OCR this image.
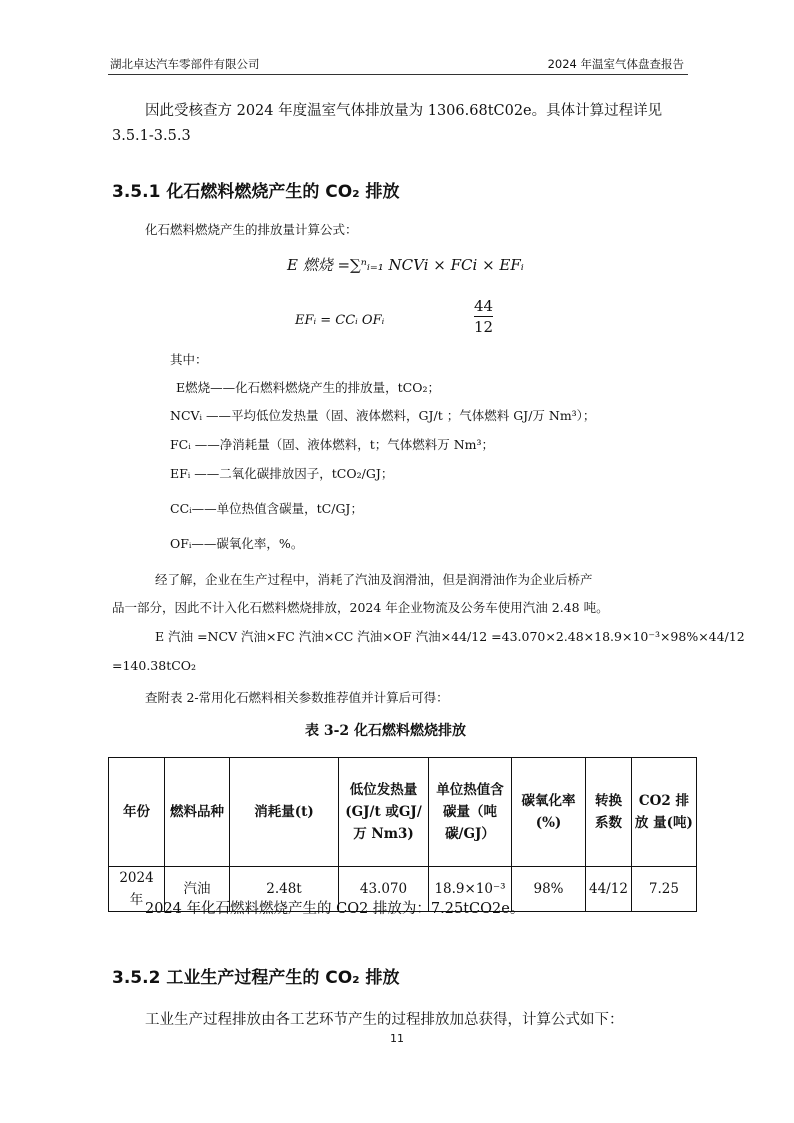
湖北卓达汽车零部件有限公司	2024 年温室气体盘查报告
因此受核查方 2024 年度温室气体排放量为 1306.68tC02e。具体计算过程详见
3.5.1-3.5.3
3.5.1 化石燃料燃烧产生的 CO₂ 排放
化石燃料燃烧产生的排放量计算公式：
E 燃烧 =∑ⁿᵢ₌₁ NCVi × FCi × EFᵢ
EFᵢ = CCᵢ OFᵢ	$\frac{44}{12}$
其中：
E燃烧——化石燃料燃烧产生的排放量，tCO₂；
NCVᵢ ——平均低位发热量（固、液体燃料，GJ/t ；气体燃料 GJ/万 Nm³）；
FCᵢ ——净消耗量（固、液体燃料，t；气体燃料万 Nm³；
EFᵢ ——二氧化碳排放因子，tCO₂/GJ；
CCᵢ——单位热值含碳量，tC/GJ；
OFᵢ——碳氧化率，%。
经了解，企业在生产过程中，消耗了汽油及润滑油，但是润滑油作为企业后桥产
品一部分，因此不计入化石燃料燃烧排放，2024 年企业物流及公务车使用汽油 2.48 吨。
E 汽油 =NCV 汽油×FC 汽油×CC 汽油×OF 汽油×44/12 =43.070×2.48×18.9×10⁻³×98%×44/12
=140.38tCO₂
查附表 2-常用化石燃料相关参数推荐值并计算后可得：
表 3-2 化石燃料燃烧排放
年份	燃料品种	消耗量(t)	低位发热量 (GJ/t 或GJ/ 万 Nm3)	单位热值含碳量（吨碳/GJ）	碳氧化率(%)	转换系数	CO2 排放 量(吨)
2024 年	汽油	2.48t	43.070	18.9×10⁻³	98%	44/12	7.25
2024 年化石燃料燃烧产生的 CO2 排放为：7.25tCO2e。
3.5.2 工业生产过程产生的 CO₂ 排放
工业生产过程排放由各工艺环节产生的过程排放加总获得，计算公式如下：
11
